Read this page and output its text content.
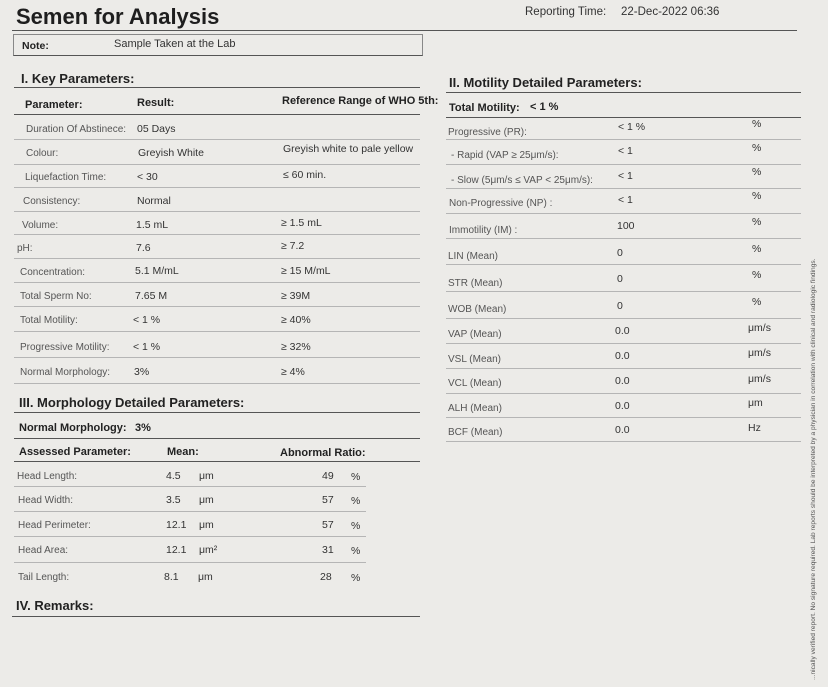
Semen for Analysis	Reporting Time: 22-Dec-2022 06:36
Note:	Sample Taken at the Lab
I. Key Parameters:
Parameter:	Result:	Reference Range of WHO 5th:
Duration Of Abstinece: 05 Days
Colour:	Greyish White	Greyish white to pale yellow
Liquefaction Time:	< 30	≤ 60 min.
Consistency:	Normal
Volume:	1.5 mL	≥ 1.5 mL
pH:	7.6	≥ 7.2
Concentration:	5.1 M/mL	≥ 15 M/mL
Total Sperm No:	7.65 M	≥ 39M
Total Motility:	< 1 %	≥ 40%
Progressive Motility: < 1 %	≥ 32%
Normal Morphology: 3%	≥ 4%
III. Morphology Detailed Parameters:
Normal Morphology: 3%
Assessed Parameter:	Mean:	Abnormal Ratio:
Head Length:	4.5 μm	49 %
Head Width:	3.5 μm	57 %
Head Perimeter:	12.1 μm	57 %
Head Area:	12.1 μm²	31 %
Tail Length:	8.1 μm	28 %
IV. Remarks:
II. Motility Detailed Parameters:
Total Motility: < 1 %
Progressive (PR):	< 1 %	%
- Rapid (VAP ≥ 25μm/s):	< 1	%
- Slow (5μm/s ≤ VAP < 25μm/s): < 1	%
Non-Progressive (NP) :	< 1	%
Immotility (IM) :	100	%
LIN (Mean)	0	%
STR (Mean)	0	%
WOB (Mean)	0	%
VAP (Mean)	0.0	μm/s
VSL (Mean)	0.0	μm/s
VCL (Mean)	0.0	μm/s
ALH (Mean)	0.0	μm
BCF (Mean)	0.0	Hz	...nically verified report. No signature required. Lab reports should be interpreted by a physician in correlation with clinical and radiologic findings.
